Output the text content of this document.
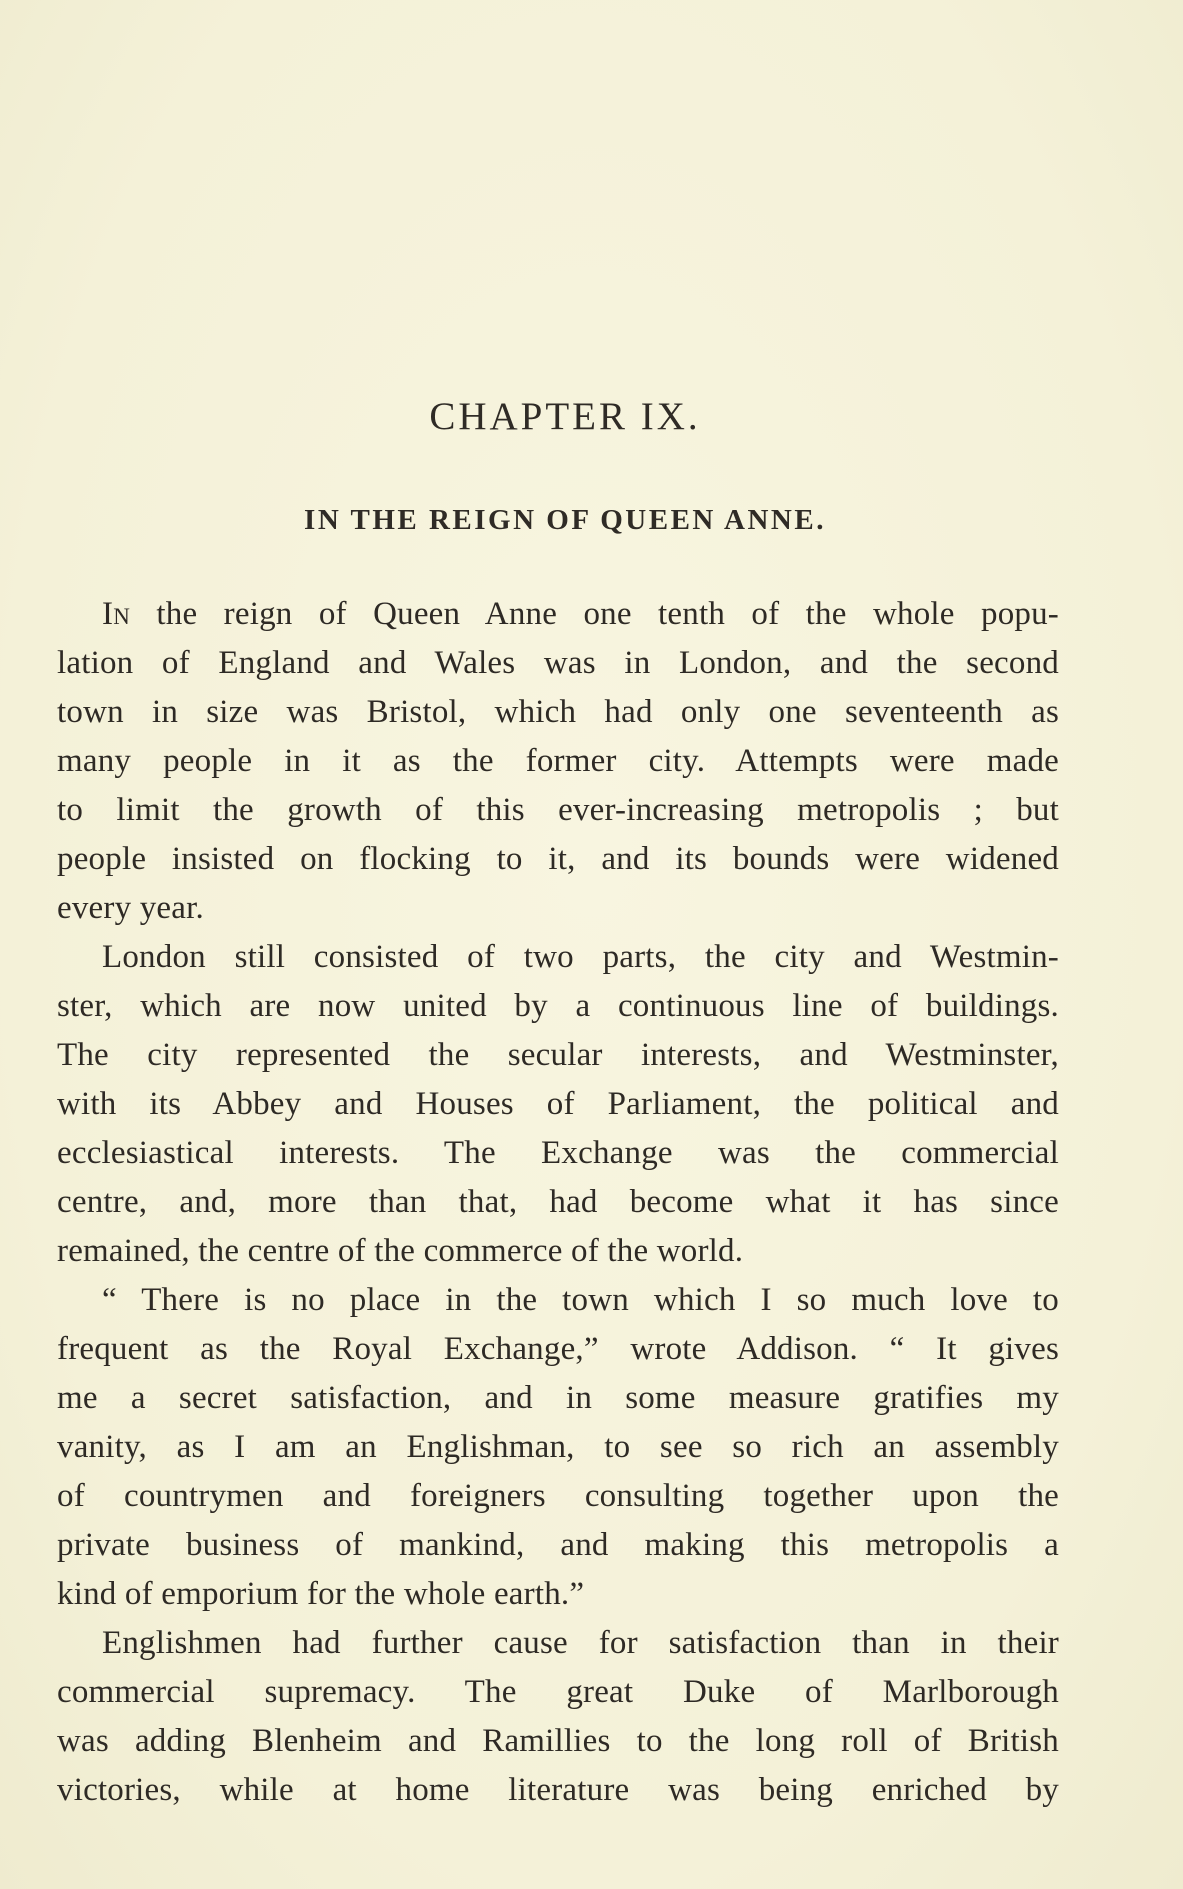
CHAPTER IX.
IN THE REIGN OF QUEEN ANNE.
In the reign of Queen Anne one tenth of the whole popu-
lation of England and Wales was in London, and the second
town in size was Bristol, which had only one seventeenth as
many people in it as the former city. Attempts were made
to limit the growth of this ever-increasing metropolis ; but
people insisted on flocking to it, and its bounds were widened
every year.
London still consisted of two parts, the city and Westmin-
ster, which are now united by a continuous line of buildings.
The city represented the secular interests, and Westminster,
with its Abbey and Houses of Parliament, the political and
ecclesiastical interests. The Exchange was the commercial
centre, and, more than that, had become what it has since
remained, the centre of the commerce of the world.
“ There is no place in the town which I so much love to
frequent as the Royal Exchange,” wrote Addison. “ It gives
me a secret satisfaction, and in some measure gratifies my
vanity, as I am an Englishman, to see so rich an assembly
of countrymen and foreigners consulting together upon the
private business of mankind, and making this metropolis a
kind of emporium for the whole earth.”
Englishmen had further cause for satisfaction than in their
commercial supremacy. The great Duke of Marlborough
was adding Blenheim and Ramillies to the long roll of British
victories, while at home literature was being enriched by
